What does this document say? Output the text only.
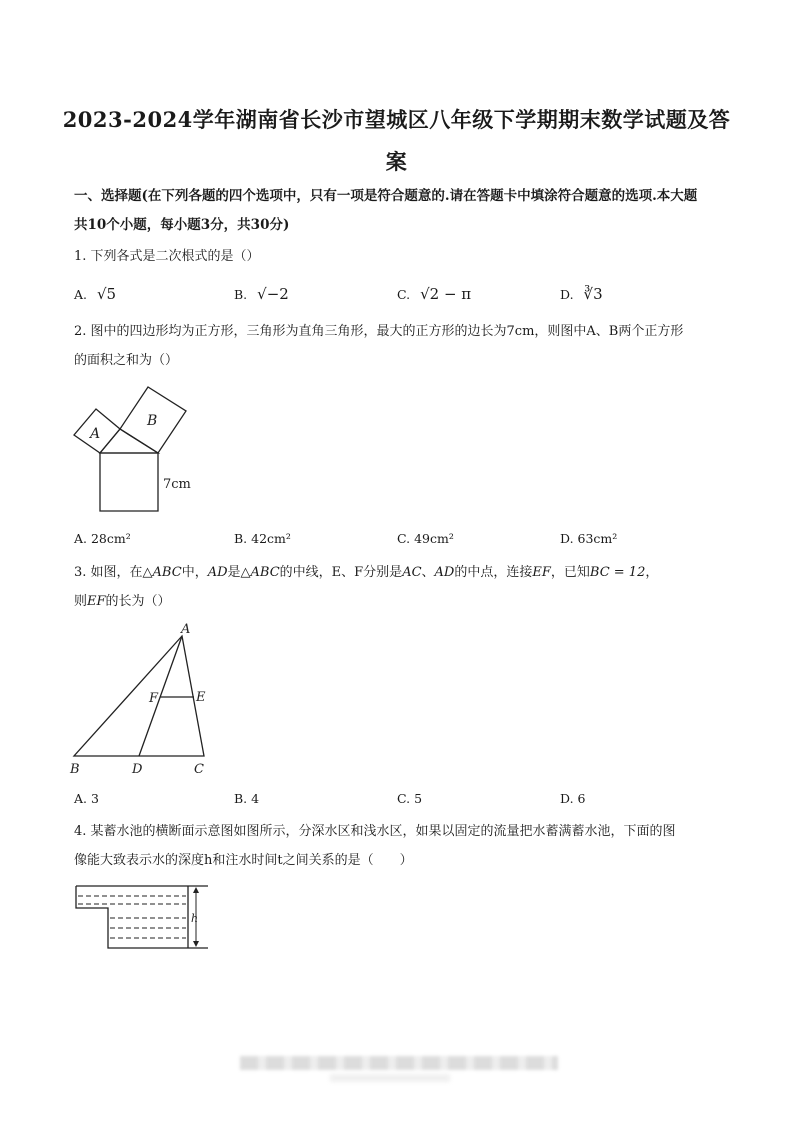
2023-2024学年湖南省长沙市望城区八年级下学期期末数学试题及答
案
一、选择题(在下列各题的四个选项中，只有一项是符合题意的.请在答题卡中填涂符合题意的选项.本大题
共10个小题，每小题3分，共30分)
1. 下列各式是二次根式的是（）
A. √5	B. √−2	C. √2 − π	D. ∛3
2. 图中的四边形均为正方形，三角形为直角三角形，最大的正方形的边长为7cm，则图中A、B两个正方形
的面积之和为（）
A
B
7cm
A. 28cm²	B. 42cm²	C. 49cm²	D. 63cm²
3. 如图，在△ABC中，AD是△ABC的中线，E、F分别是AC、AD的中点，连接EF，已知BC = 12，
则EF的长为（）
A
B	D	C
F	E
A. 3	B. 4	C. 5	D. 6
4. 某蓄水池的横断面示意图如图所示，分深水区和浅水区，如果以固定的流量把水蓄满蓄水池，下面的图
像能大致表示水的深度h和注水时间t之间关系的是（　　）
h
